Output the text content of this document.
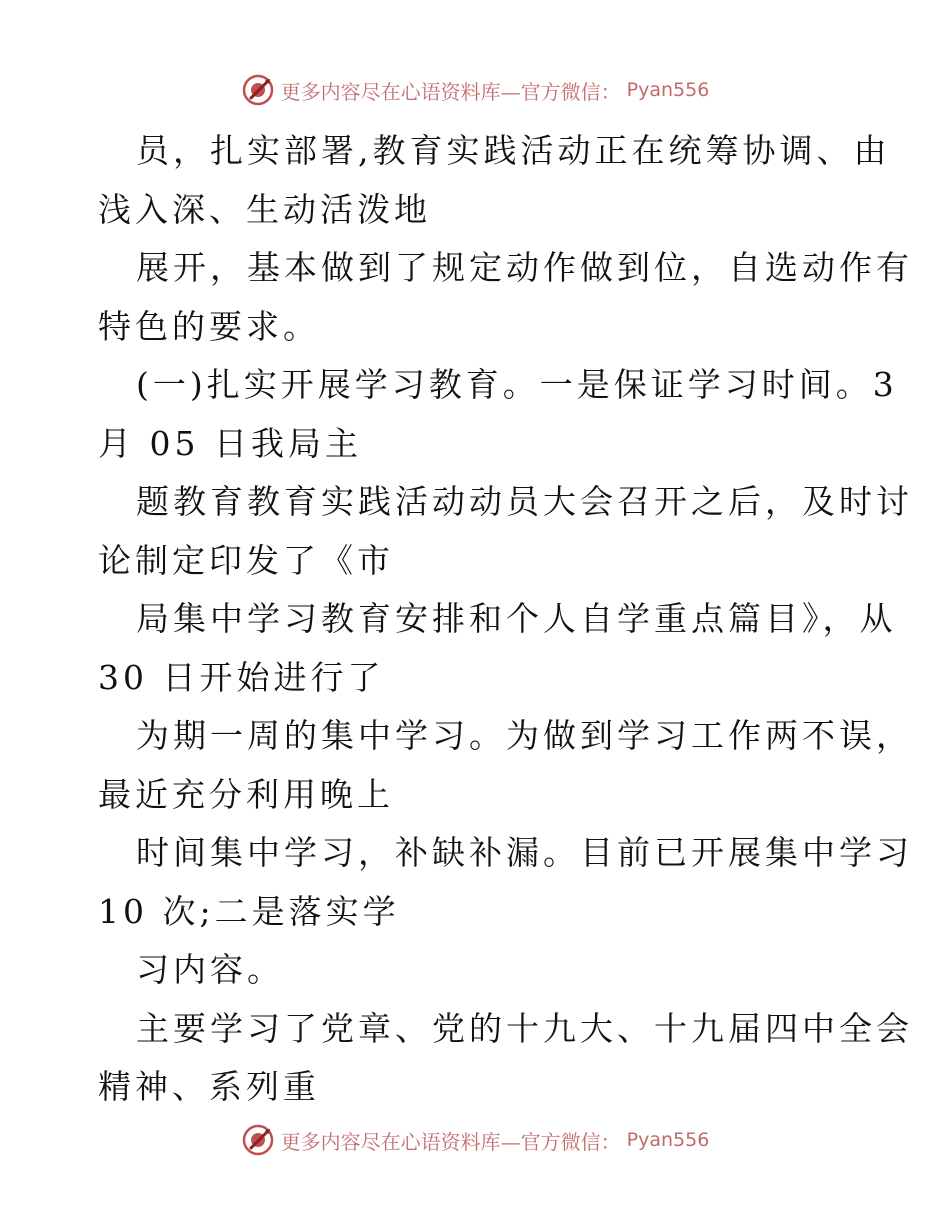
更多内容尽在心语资料库—官方微信： Pyan556
员，扎实部署,教育实践活动正在统筹协调、由
浅入深、生动活泼地
展开，基本做到了规定动作做到位，自选动作有
特色的要求。
(一)扎实开展学习教育。一是保证学习时间。3
月 05 日我局主
题教育教育实践活动动员大会召开之后，及时讨
论制定印发了《市
局集中学习教育安排和个人自学重点篇目》，从
30 日开始进行了
为期一周的集中学习。为做到学习工作两不误，
最近充分利用晚上
时间集中学习，补缺补漏。目前已开展集中学习
10 次;二是落实学
习内容。
主要学习了党章、党的十九大、十九届四中全会
精神、系列重
更多内容尽在心语资料库—官方微信： Pyan556
